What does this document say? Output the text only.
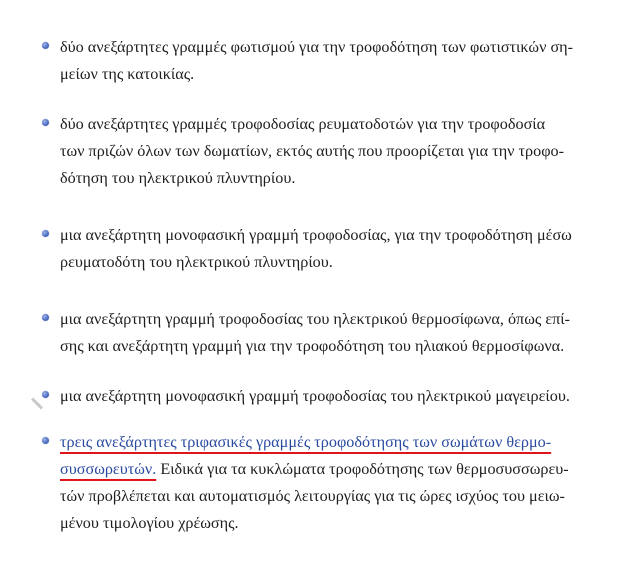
δύο ανεξάρτητες γραμμές φωτισμού για την τροφοδότηση των φωτιστικών ση-
μείων της κατοικίας.
δύο ανεξάρτητες γραμμές τροφοδοσίας ρευματοδοτών για την τροφοδοσία
των πριζών όλων των δωματίων, εκτός αυτής που προορίζεται για την τροφο-
δότηση του ηλεκτρικού πλυντηρίου.
μια ανεξάρτητη μονοφασική γραμμή τροφοδοσίας, για την τροφοδότηση μέσω
ρευματοδότη του ηλεκτρικού πλυντηρίου.
μια ανεξάρτητη γραμμή τροφοδοσίας του ηλεκτρικού θερμοσίφωνα, όπως επί-
σης και ανεξάρτητη γραμμή για την τροφοδότηση του ηλιακού θερμοσίφωνα.
μια ανεξάρτητη μονοφασική γραμμή τροφοδοσίας του ηλεκτρικού μαγειρείου.
τρεις ανεξάρτητες τριφασικές γραμμές τροφοδότησης των σωμάτων θερμο-
συσσωρευτών. Ειδικά για τα κυκλώματα τροφοδότησης των θερμοσυσσωρευ-
τών προβλέπεται και αυτοματισμός λειτουργίας για τις ώρες ισχύος του μειω-
μένου τιμολογίου χρέωσης.
